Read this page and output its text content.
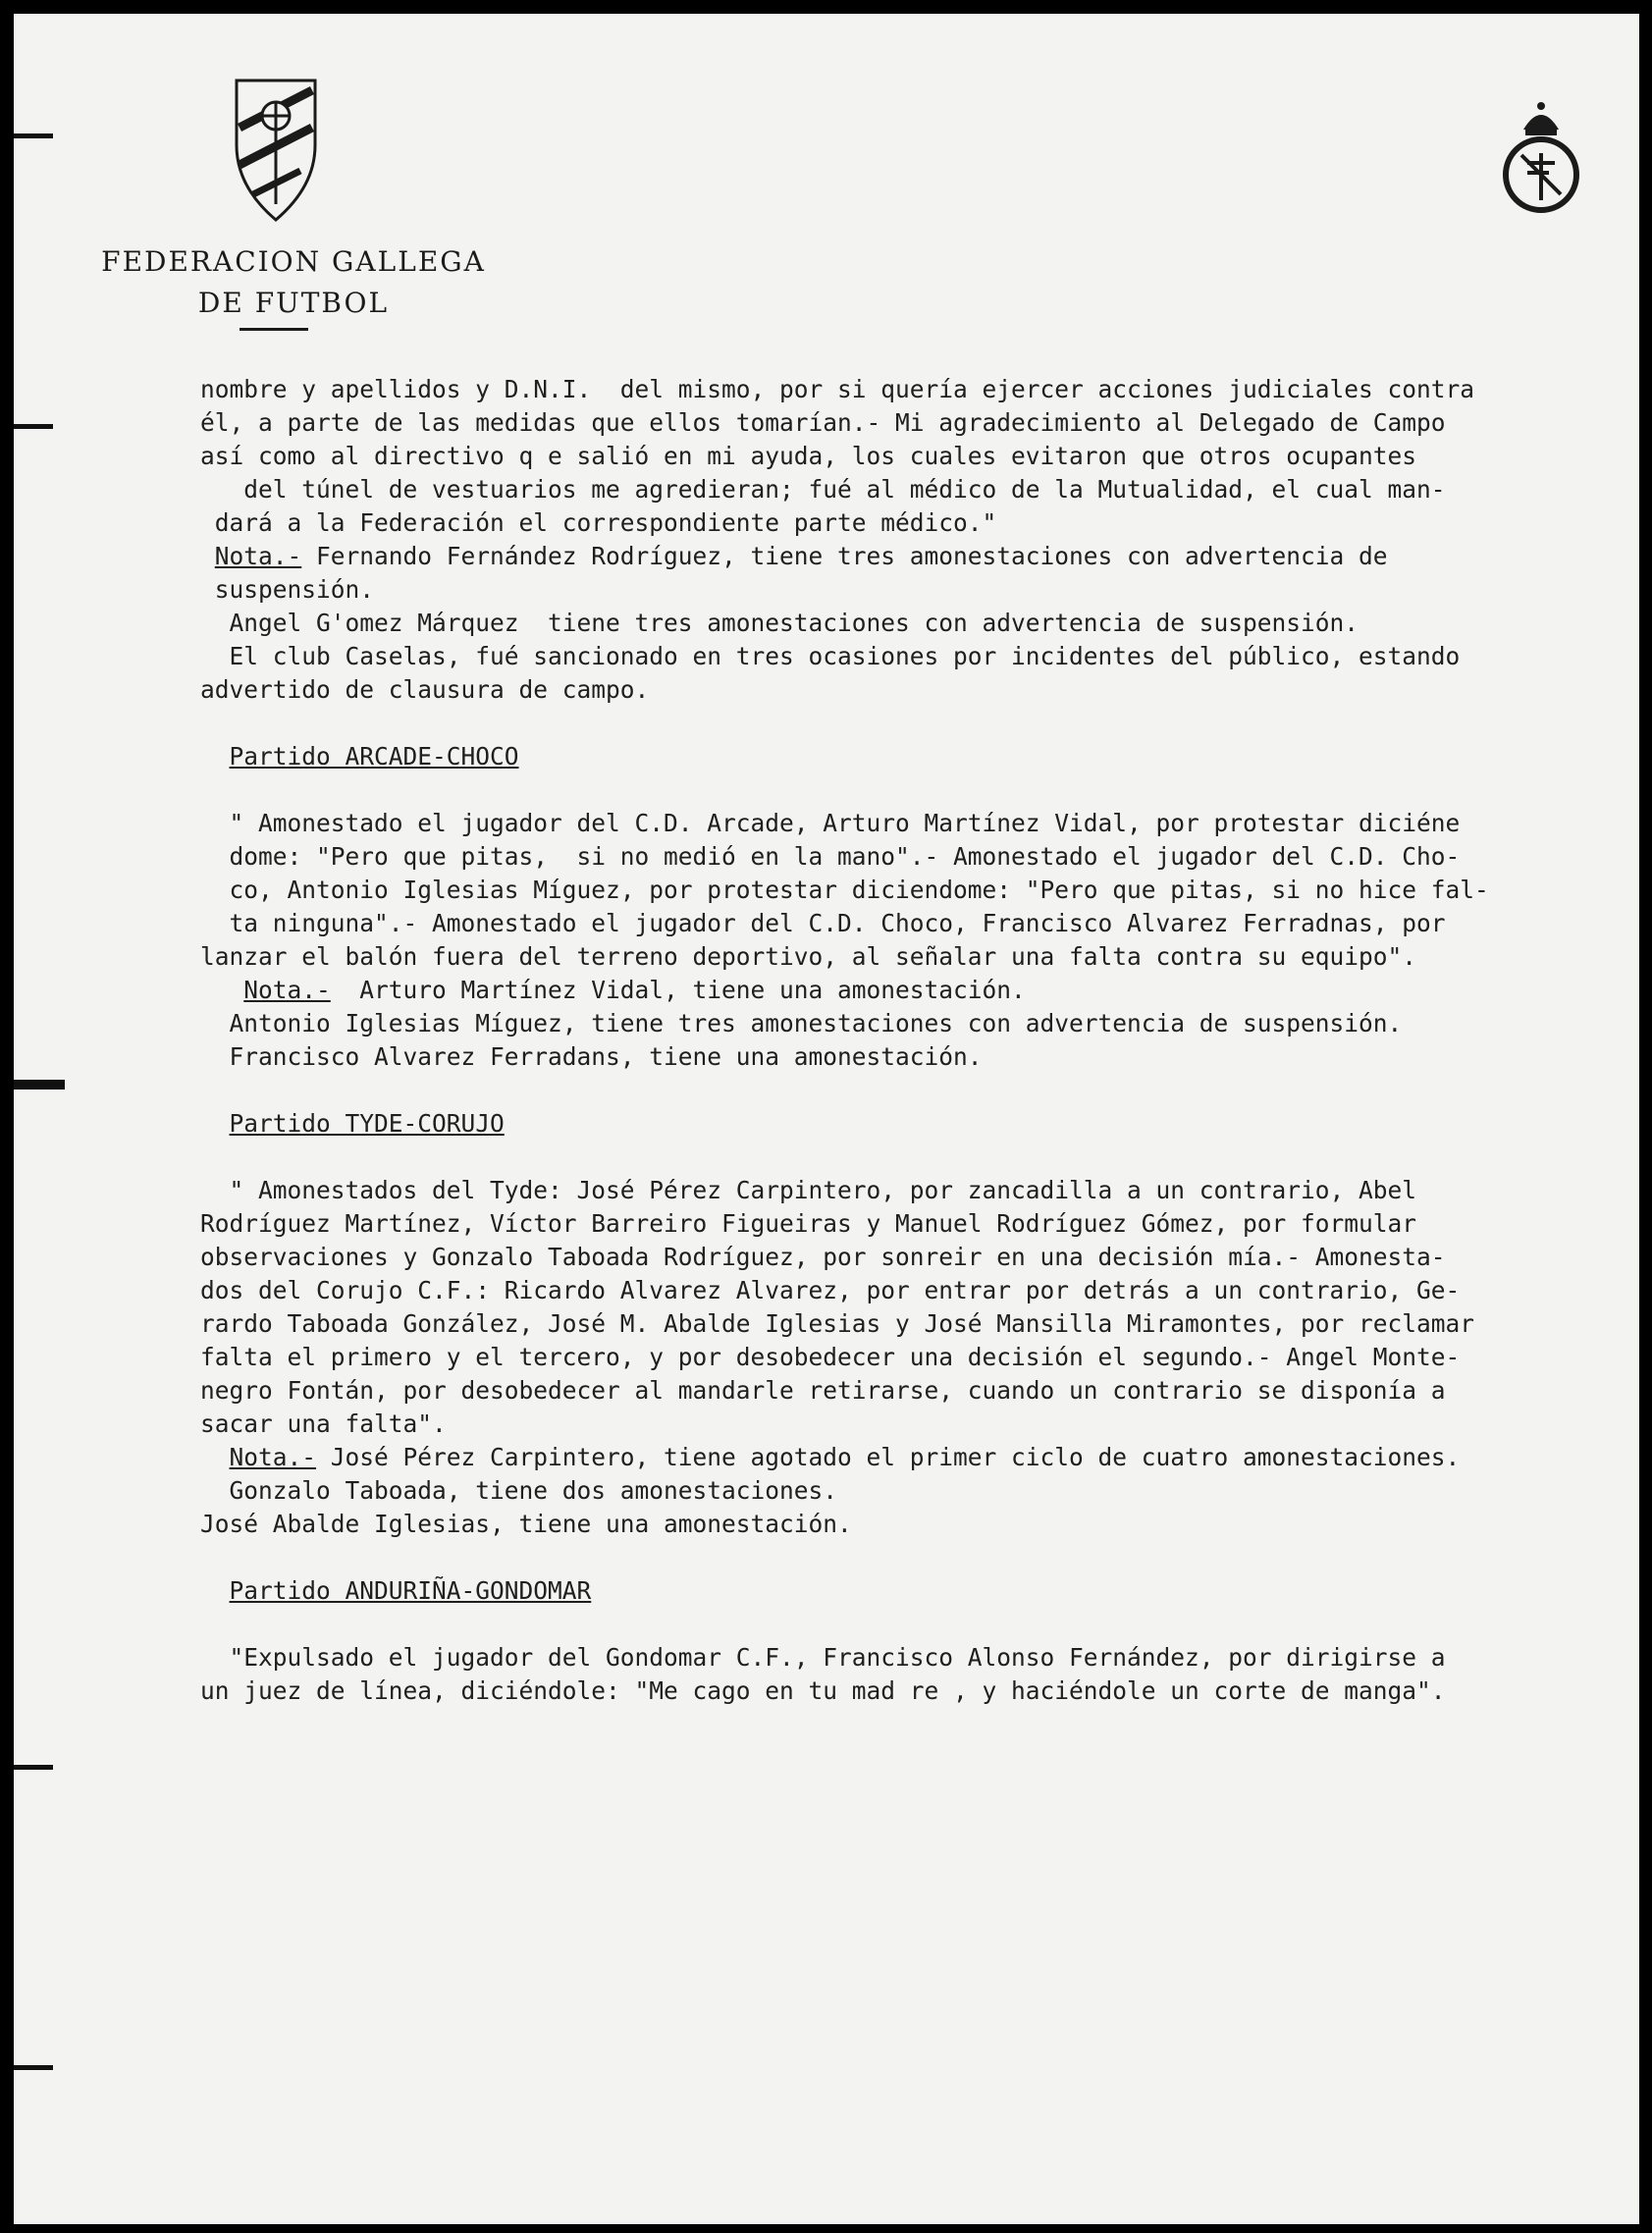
FEDERACION GALLEGA
DE FUTBOL
nombre y apellidos y D.N.I.  del mismo, por si quería ejercer acciones judiciales contra
él, a parte de las medidas que ellos tomarían.- Mi agradecimiento al Delegado de Campo
así como al directivo q e salió en mi ayuda, los cuales evitaron que otros ocupantes
del túnel de vestuarios me agredieran; fué al médico de la Mutualidad, el cual man-
dará a la Federación el correspondiente parte médico."
Nota.- Fernando Fernández Rodríguez, tiene tres amonestaciones con advertencia de
suspensión.
Angel G'omez Márquez  tiene tres amonestaciones con advertencia de suspensión.
El club Caselas, fué sancionado en tres ocasiones por incidentes del público, estando
advertido de clausura de campo.
Partido ARCADE-CHOCO
" Amonestado el jugador del C.D. Arcade, Arturo Martínez Vidal, por protestar diciéne
dome: "Pero que pitas,  si no medió en la mano".- Amonestado el jugador del C.D. Cho-
co, Antonio Iglesias Míguez, por protestar diciendome: "Pero que pitas, si no hice fal-
ta ninguna".- Amonestado el jugador del C.D. Choco, Francisco Alvarez Ferradnas, por
lanzar el balón fuera del terreno deportivo, al señalar una falta contra su equipo".
Nota.-  Arturo Martínez Vidal, tiene una amonestación.
Antonio Iglesias Míguez, tiene tres amonestaciones con advertencia de suspensión.
Francisco Alvarez Ferradans, tiene una amonestación.
Partido TYDE-CORUJO
" Amonestados del Tyde: José Pérez Carpintero, por zancadilla a un contrario, Abel
Rodríguez Martínez, Víctor Barreiro Figueiras y Manuel Rodríguez Gómez, por formular
observaciones y Gonzalo Taboada Rodríguez, por sonreir en una decisión mía.- Amonesta-
dos del Corujo C.F.: Ricardo Alvarez Alvarez, por entrar por detrás a un contrario, Ge-
rardo Taboada González, José M. Abalde Iglesias y José Mansilla Miramontes, por reclamar
falta el primero y el tercero, y por desobedecer una decisión el segundo.- Angel Monte-
negro Fontán, por desobedecer al mandarle retirarse, cuando un contrario se disponía a
sacar una falta".
Nota.- José Pérez Carpintero, tiene agotado el primer ciclo de cuatro amonestaciones.
Gonzalo Taboada, tiene dos amonestaciones.
José Abalde Iglesias, tiene una amonestación.
Partido ANDURIÑA-GONDOMAR
"Expulsado el jugador del Gondomar C.F., Francisco Alonso Fernández, por dirigirse a
un juez de línea, diciéndole: "Me cago en tu mad re , y haciéndole un corte de manga".
